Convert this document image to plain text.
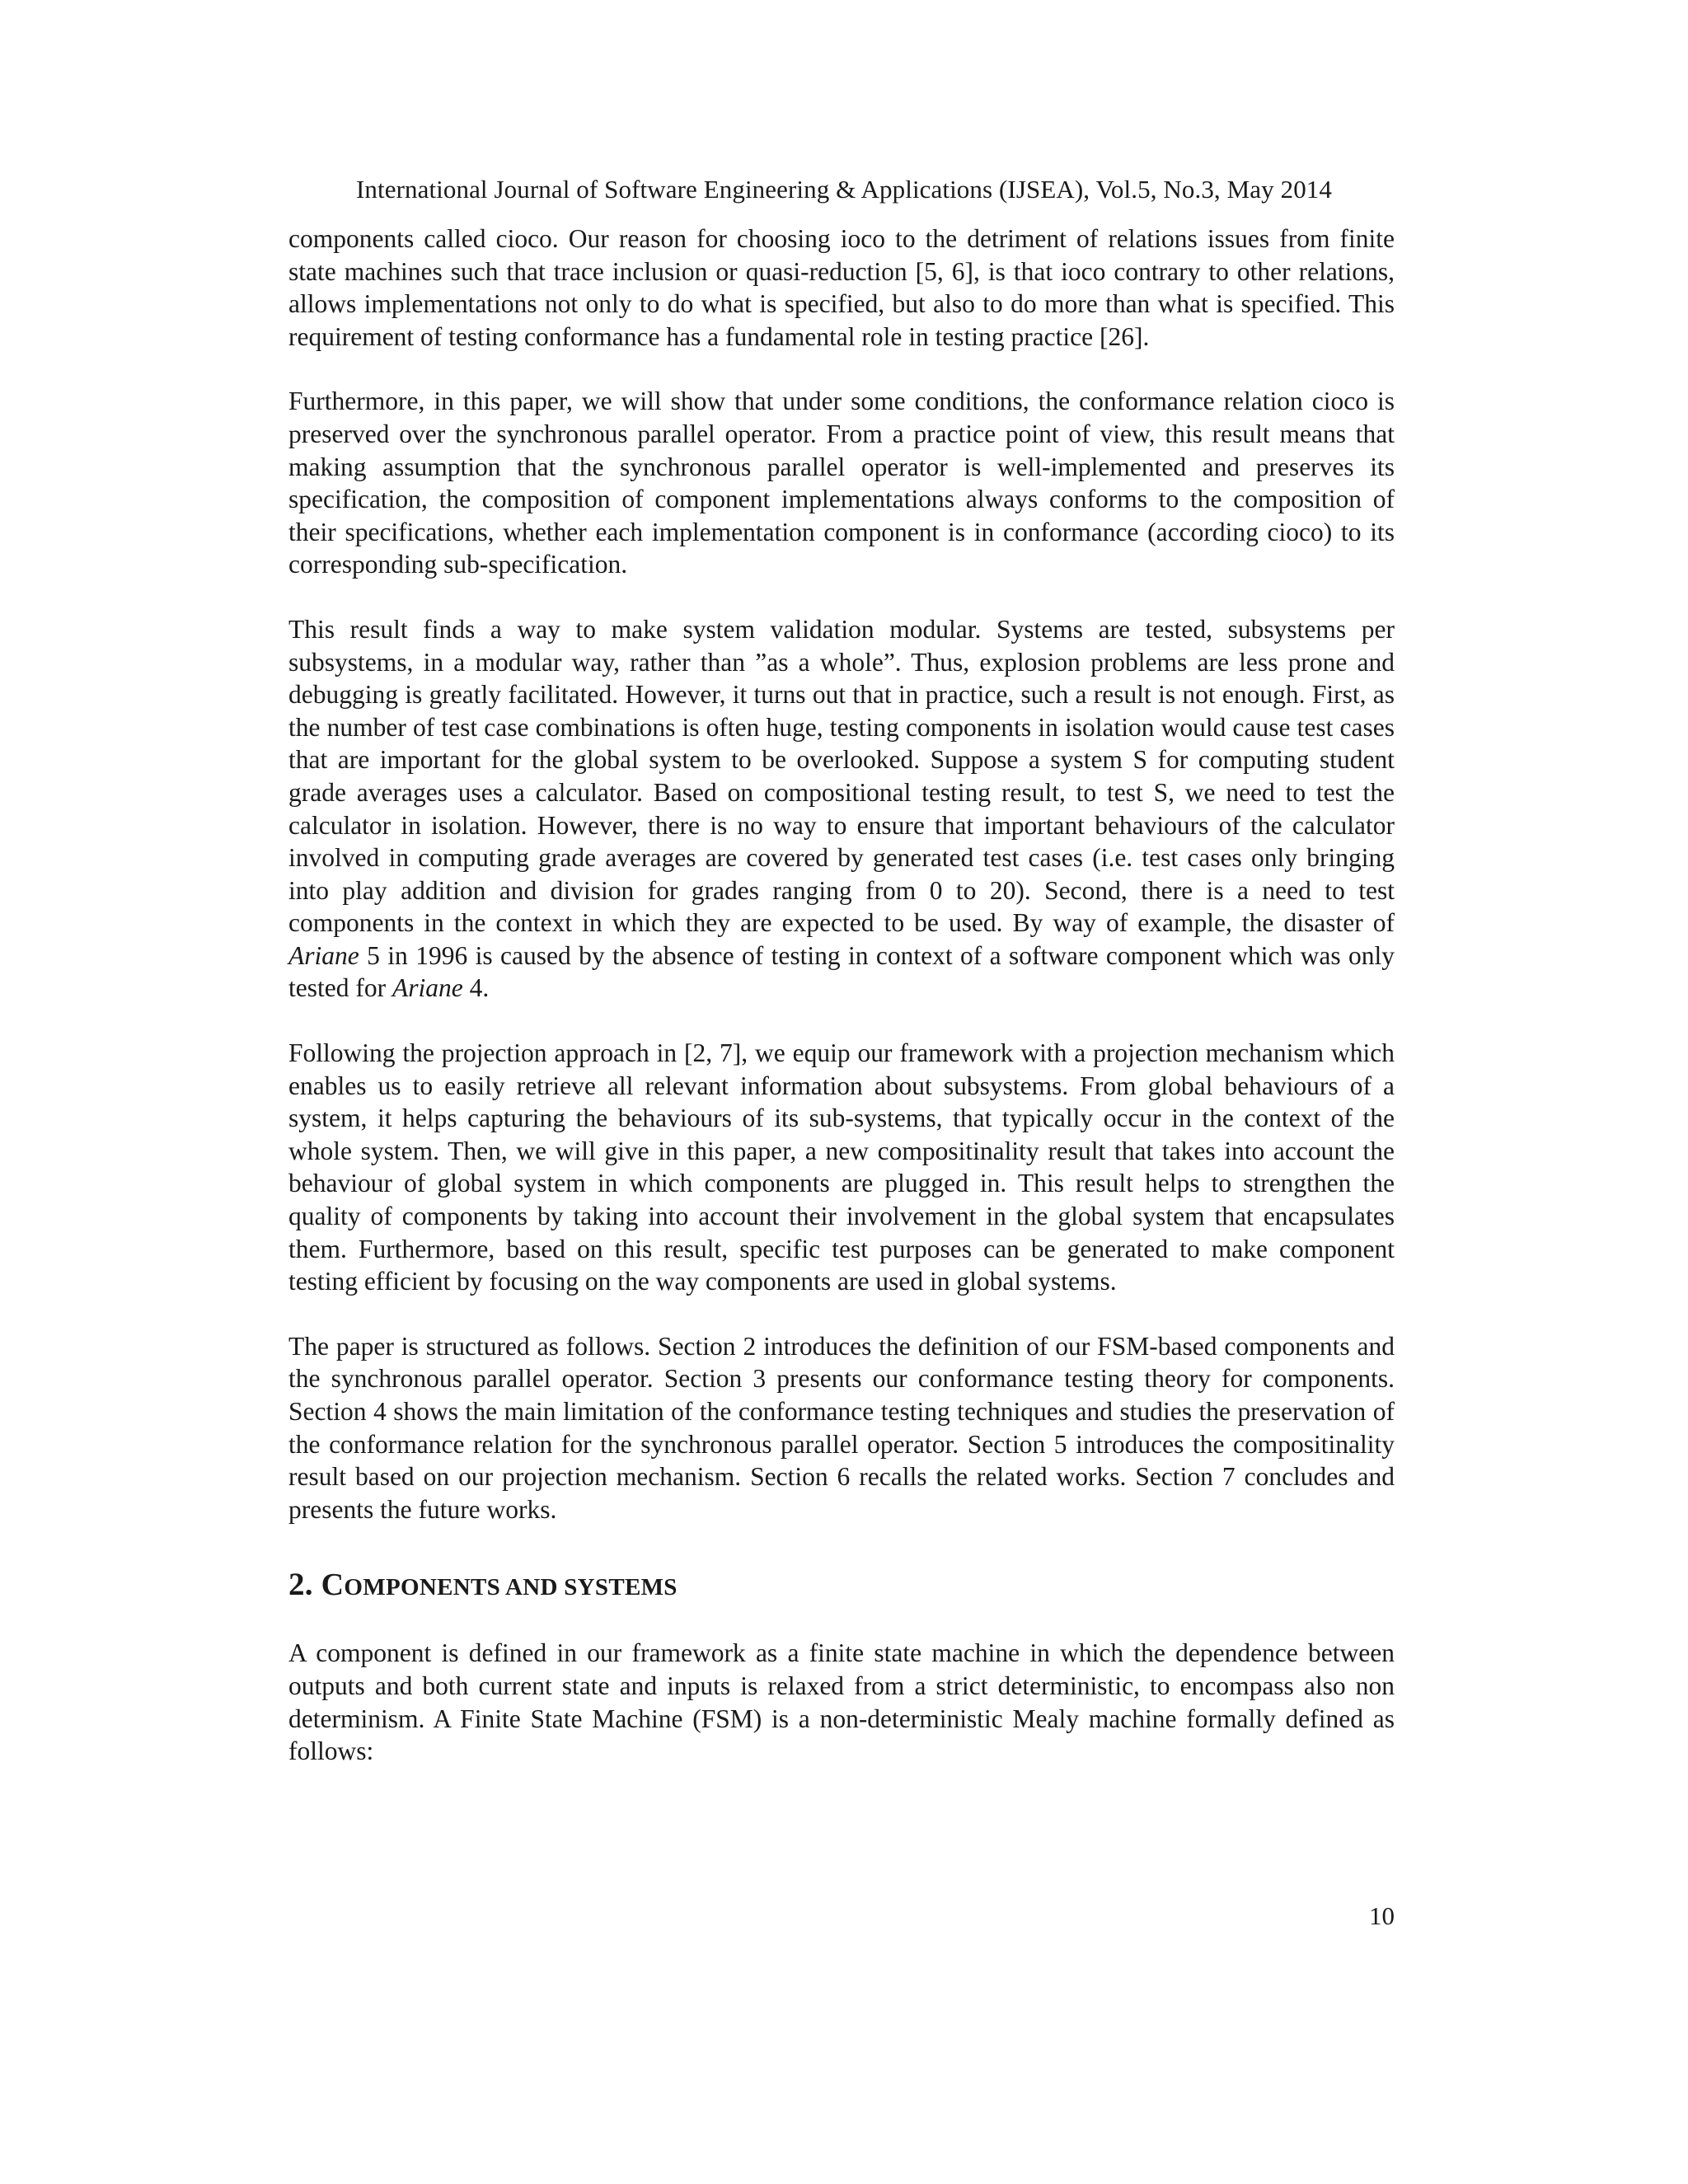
International Journal of Software Engineering & Applications (IJSEA), Vol.5, No.3, May 2014

components called cioco. Our reason for choosing ioco to the detriment of relations issues from finite state machines such that trace inclusion or quasi-reduction [5, 6], is that ioco contrary to other relations, allows implementations not only to do what is specified, but also to do more than what is specified. This requirement of testing conformance has a fundamental role in testing practice [26].

Furthermore, in this paper, we will show that under some conditions, the conformance relation cioco is preserved over the synchronous parallel operator. From a practice point of view, this result means that making assumption that the synchronous parallel operator is well-implemented and preserves its specification, the composition of component implementations always conforms to the composition of their specifications, whether each implementation component is in conformance (according cioco) to its corresponding sub-specification.

This result finds a way to make system validation modular. Systems are tested, subsystems per subsystems, in a modular way, rather than ”as a whole”. Thus, explosion problems are less prone and debugging is greatly facilitated. However, it turns out that in practice, such a result is not enough. First, as the number of test case combinations is often huge, testing components in isolation would cause test cases that are important for the global system to be overlooked. Suppose a system S for computing student grade averages uses a calculator. Based on compositional testing result, to test S, we need to test the calculator in isolation. However, there is no way to ensure that important behaviours of the calculator involved in computing grade averages are covered by generated test cases (i.e. test cases only bringing into play addition and division for grades ranging from 0 to 20). Second, there is a need to test components in the context in which they are expected to be used. By way of example, the disaster of Ariane 5 in 1996 is caused by the absence of testing in context of a software component which was only tested for Ariane 4.

Following the projection approach in [2, 7], we equip our framework with a projection mechanism which enables us to easily retrieve all relevant information about subsystems. From global behaviours of a system, it helps capturing the behaviours of its sub-systems, that typically occur in the context of the whole system. Then, we will give in this paper, a new compositinality result that takes into account the behaviour of global system in which components are plugged in. This result helps to strengthen the quality of components by taking into account their involvement in the global system that encapsulates them. Furthermore, based on this result, specific test purposes can be generated to make component testing efficient by focusing on the way components are used in global systems.

The paper is structured as follows. Section 2 introduces the definition of our FSM-based components and the synchronous parallel operator. Section 3 presents our conformance testing theory for components. Section 4 shows the main limitation of the conformance testing techniques and studies the preservation of the conformance relation for the synchronous parallel operator. Section 5 introduces the compositinality result based on our projection mechanism. Section 6 recalls the related works. Section 7 concludes and presents the future works.

2. COMPONENTS AND SYSTEMS

A component is defined in our framework as a finite state machine in which the dependence between outputs and both current state and inputs is relaxed from a strict deterministic, to encompass also non determinism. A Finite State Machine (FSM) is a non-deterministic Mealy machine formally defined as follows:

10
